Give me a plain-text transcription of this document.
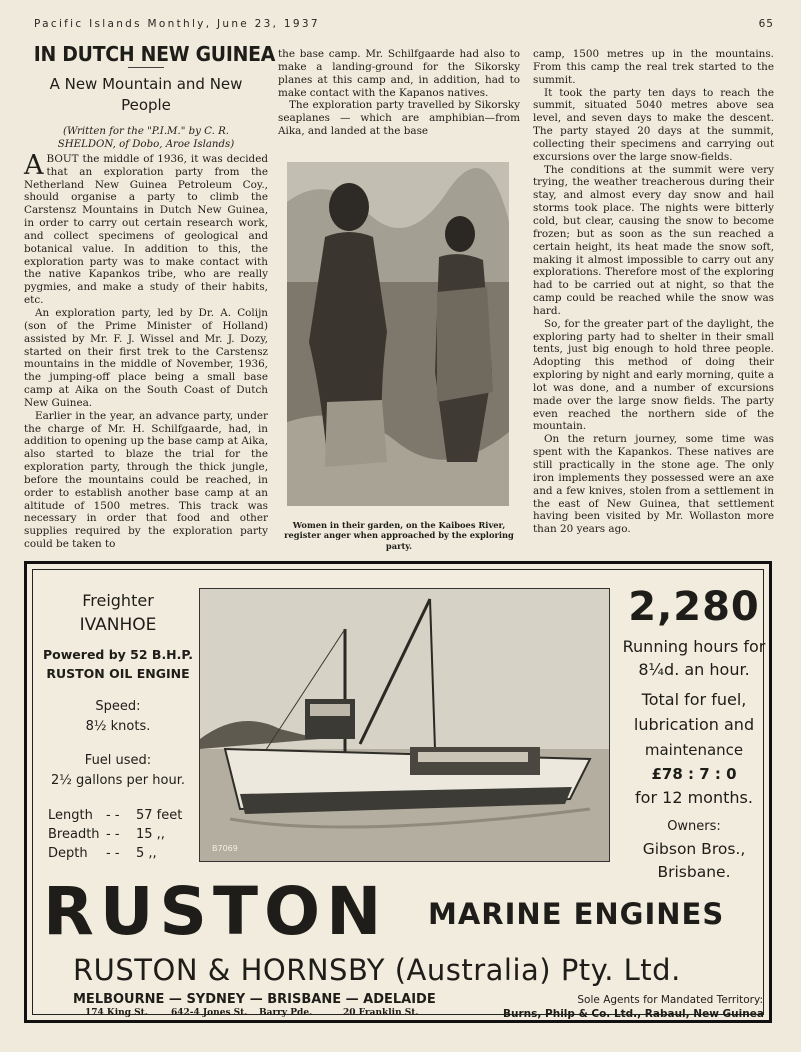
Pacific Islands Monthly, June 23, 1937	65
IN DUTCH NEW GUINEA
A New Mountain and New People
(Written for the "P.I.M." by C. R.
SHELDON, of Dobo, Aroe Islands)

ABOUT the middle of 1936, it was decided that an exploration party from the Netherland New Guinea Petroleum Coy., should organise a party to climb the Carstensz Mountains in Dutch New Guinea, in order to carry out certain research work, and collect specimens of geological and botanical value. In addition to this, the exploration party was to make contact with the native Kapankos tribe, who are really pygmies, and make a study of their habits, etc.

An exploration party, led by Dr. A. Colijn (son of the Prime Minister of Holland) assisted by Mr. F. J. Wissel and Mr. J. Dozy, started on their first trek to the Carstensz mountains in the middle of November, 1936, the jumping-off place being a small base camp at Aika on the South Coast of Dutch New Guinea.

Earlier in the year, an advance party, under the charge of Mr. H. Schilfgaarde, had, in addition to opening up the base camp at Aika, also started to blaze the trial for the exploration party, through the thick jungle, before the mountains could be reached, in order to establish another base camp at an altitude of 1500 metres. This track was necessary in order that food and other supplies required by the exploration party could be taken to

the base camp. Mr. Schilfgaarde had also to make a landing-ground for the Sikorsky planes at this camp and, in addition, had to make contact with the Kapanos natives.

The exploration party travelled by Sikorsky seaplanes — which are amphibian—from Aika, and landed at the base

Women in their garden, on the Kaiboes River, register anger when approached by the exploring party.

camp, 1500 metres up in the mountains. From this camp the real trek started to the summit.

It took the party ten days to reach the summit, situated 5040 metres above sea level, and seven days to make the descent. The party stayed 20 days at the summit, collecting their specimens and carrying out excursions over the large snow-fields.

The conditions at the summit were very trying, the weather treacherous during their stay, and almost every day snow and hail storms took place. The nights were bitterly cold, but clear, causing the snow to become frozen; but as soon as the sun reached a certain height, its heat made the snow soft, making it almost impossible to carry out any explorations. Therefore most of the exploring had to be carried out at night, so that the camp could be reached while the snow was hard.

So, for the greater part of the daylight, the exploring party had to shelter in their small tents, just big enough to hold three people. Adopting this method of doing their exploring by night and early morning, quite a lot was done, and a number of excursions made over the large snow fields. The party even reached the northern side of the mountain.

On the return journey, some time was spent with the Kapankos. These natives are still practically in the stone age. The only iron implements they possessed were an axe and a few knives, stolen from a settlement in the east of New Guinea, that settlement having been visited by Mr. Wollaston more than 20 years ago.

Freighter
IVANHOE
Powered by 52 B.H.P.
RUSTON OIL ENGINE
Speed:
8½ knots.
Fuel used:
2½ gallons per hour.
Length - - 57 feet
Breadth - - 15 ,,
Depth - - 5 ,,	B7069
2,280
Running hours for
8¼d. an hour.
Total for fuel,
lubrication and
maintenance
£78 : 7 : 0
for 12 months.
Owners:
Gibson Bros.,
Brisbane.
RUSTON MARINE ENGINES
RUSTON & HORNSBY (Australia) Pty. Ltd.
MELBOURNE — SYDNEY — BRISBANE — ADELAIDE
174 King St.	642-4 Jones St. Barry Pde.	20 Franklin St.
Sole Agents for Mandated Territory:
Burns, Philp & Co. Ltd., Rabaul, New Guinea
